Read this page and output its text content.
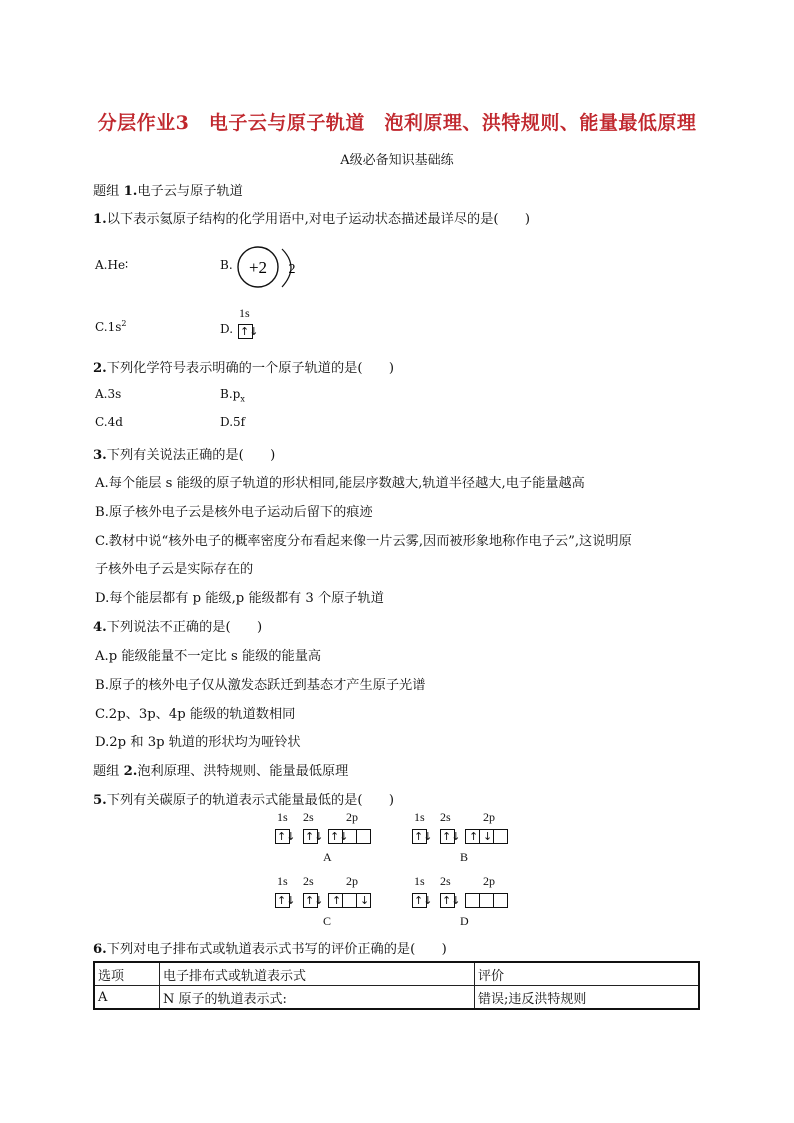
分层作业3　电子云与原子轨道　泡利原理、洪特规则、能量最低原理
A级必备知识基础练
题组 1.电子云与原子轨道
1.以下表示氦原子结构的化学用语中,对电子运动状态描述最详尽的是(　　)
A.He∶	B. +2 2
$C.1s^2$	D.
1s
↑↓
2.下列化学符号表示明确的一个原子轨道的是(　　)
A.3s	$B.p_x$
C.4d	D.5f
3.下列有关说法正确的是(　　)
A.每个能层 s 能级的原子轨道的形状相同,能层序数越大,轨道半径越大,电子能量越高
B.原子核外电子云是核外电子运动后留下的痕迹
C.教材中说“核外电子的概率密度分布看起来像一片云雾,因而被形象地称作电子云”,这说明原
子核外电子云是实际存在的
D.每个能层都有 p 能级,p 能级都有 3 个原子轨道
4.下列说法不正确的是(　　)
A.p 能级能量不一定比 s 能级的能量高
B.原子的核外电子仅从激发态跃迁到基态才产生原子光谱
C.2p、3p、4p 能级的轨道数相同
D.2p 和 3p 轨道的形状均为哑铃状
题组 2.泡利原理、洪特规则、能量最低原理
5.下列有关碳原子的轨道表示式能量最低的是(　　)
1s 2s	2p
↑↓ ↑↓ ↑↓
A
1s 2s	2p
↑↓ ↑↓ ↑ ↓
B
1s 2s	2p
↑↓ ↑↓ ↑ ↓
C
1s 2s	2p
↑↓ ↑↓
D
6.下列对电子排布式或轨道表示式书写的评价正确的是(　　)
选项	电子排布式或轨道表示式	评价
A	N 原子的轨道表示式:	错误;违反洪特规则
